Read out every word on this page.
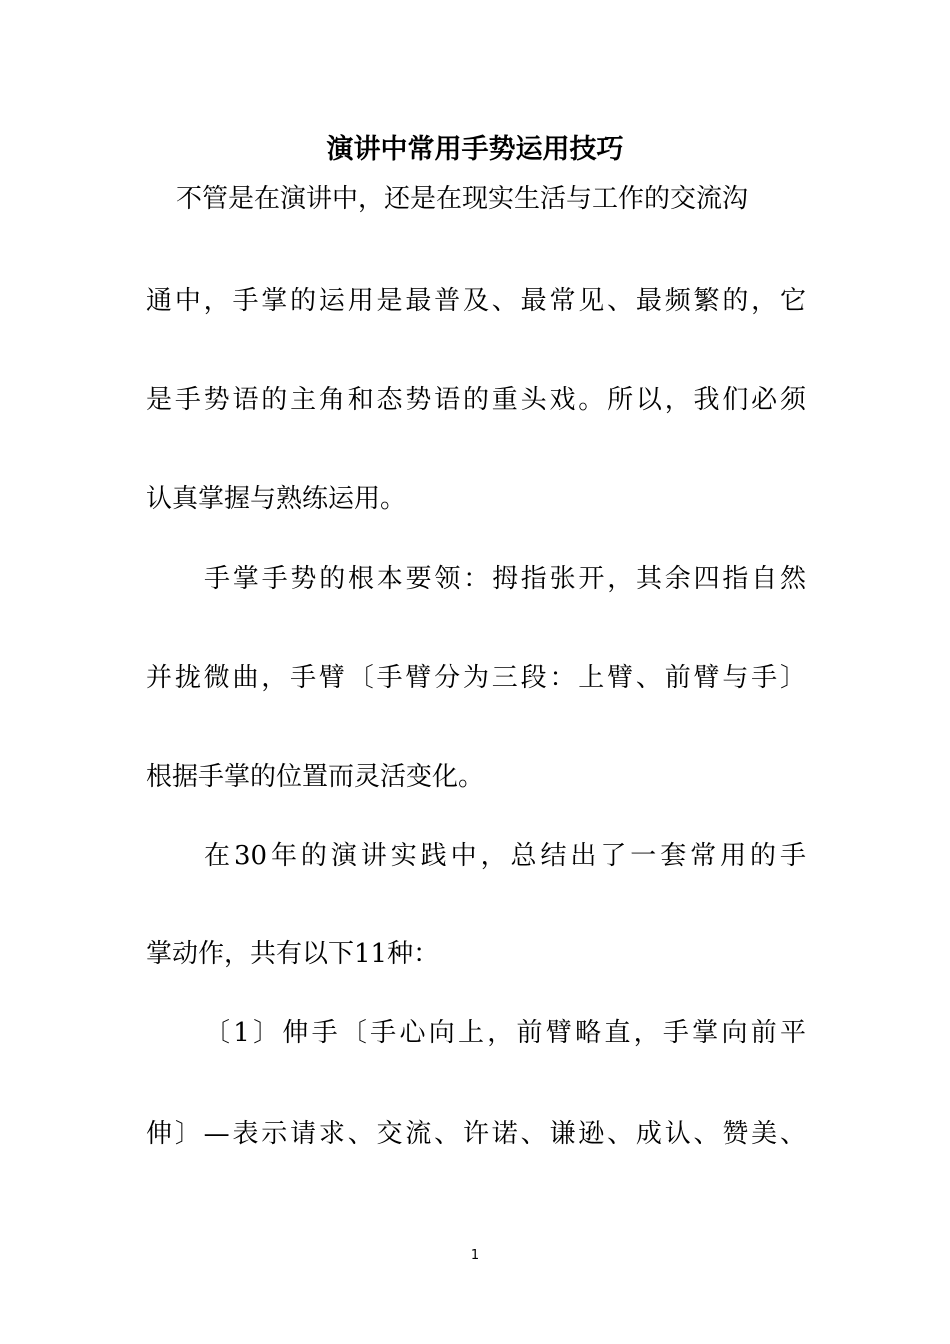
演讲中常用手势运用技巧
不管是在演讲中，还是在现实生活与工作的交流沟
通中，手掌的运用是最普及、最常见、最频繁的，它
是手势语的主角和态势语的重头戏。所以，我们必须
认真掌握与熟练运用。
手掌手势的根本要领：拇指张开，其余四指自然
并拢微曲，手臂〔手臂分为三段：上臂、前臂与手〕
根据手掌的位置而灵活变化。
在30年的演讲实践中，总结出了一套常用的手
掌动作，共有以下11种：
〔1〕伸手〔手心向上，前臂略直，手掌向前平
伸〕—表示请求、交流、许诺、谦逊、成认、赞美、
1
